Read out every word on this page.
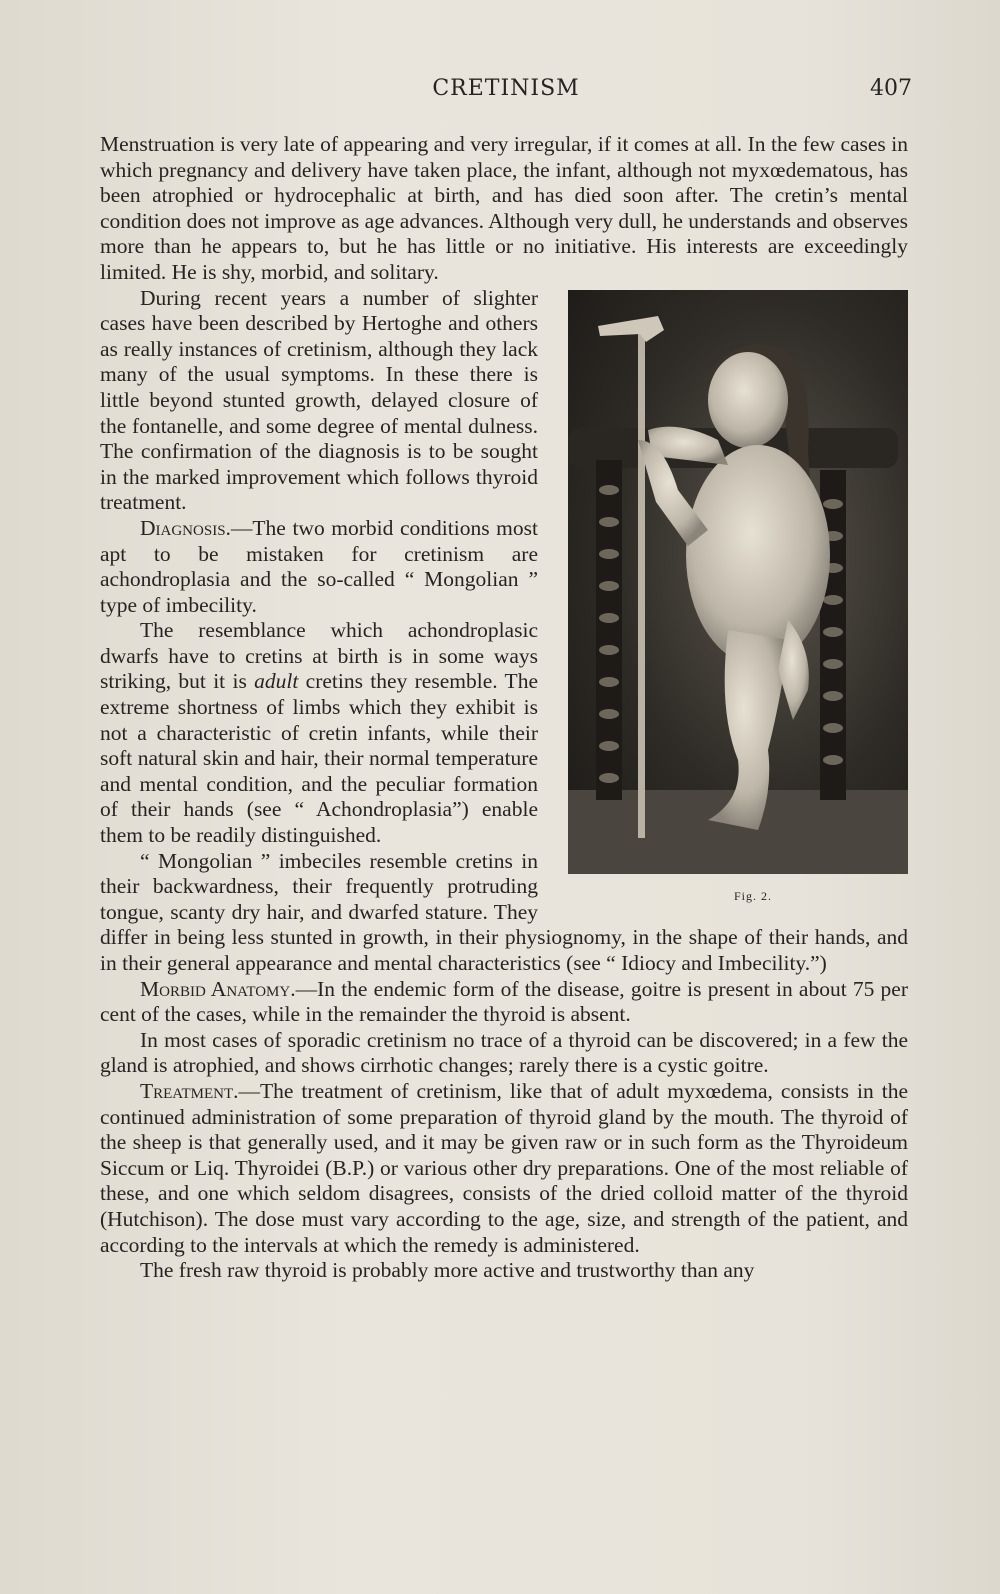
CRETINISM	407

Menstruation is very late of appearing and very irregular, if it comes at all. In the few cases in which pregnancy and delivery have taken place, the infant, although not myxœdematous, has been atrophied or hydrocephalic at birth, and has died soon after. The cretin’s mental condition does not improve as age advances. Although very dull, he understands and observes more than he appears to, but he has little or no initiative. His interests are exceedingly limited. He is shy, morbid, and solitary.

Fig. 2.

During recent years a number of slighter cases have been described by Hertoghe and others as really instances of cretinism, although they lack many of the usual symptoms. In these there is little beyond stunted growth, delayed closure of the fontanelle, and some degree of mental dulness. The confirmation of the diagnosis is to be sought in the marked improvement which follows thyroid treatment.

Diagnosis.—The two morbid conditions most apt to be mistaken for cretinism are achondroplasia and the so-called “ Mongolian ” type of imbecility.

The resemblance which achondroplasic dwarfs have to cretins at birth is in some ways striking, but it is adult cretins they resemble. The extreme shortness of limbs which they exhibit is not a characteristic of cretin infants, while their soft natural skin and hair, their normal temperature and mental condition, and the peculiar formation of their hands (see “ Achondroplasia”) enable them to be readily distinguished.

“ Mongolian ” imbeciles resemble cretins in their backwardness, their frequently protruding tongue, scanty dry hair, and dwarfed stature. They differ in being less stunted in growth, in their physiognomy, in the shape of their hands, and in their general appearance and mental characteristics (see “ Idiocy and Imbecility.”)

Morbid Anatomy.—In the endemic form of the disease, goitre is present in about 75 per cent of the cases, while in the remainder the thyroid is absent.

In most cases of sporadic cretinism no trace of a thyroid can be discovered; in a few the gland is atrophied, and shows cirrhotic changes; rarely there is a cystic goitre.

Treatment.—The treatment of cretinism, like that of adult myxœdema, consists in the continued administration of some preparation of thyroid gland by the mouth. The thyroid of the sheep is that generally used, and it may be given raw or in such form as the Thyroideum Siccum or Liq. Thyroidei (B.P.) or various other dry preparations. One of the most reliable of these, and one which seldom disagrees, consists of the dried colloid matter of the thyroid (Hutchison). The dose must vary according to the age, size, and strength of the patient, and according to the intervals at which the remedy is administered.

The fresh raw thyroid is probably more active and trustworthy than any
